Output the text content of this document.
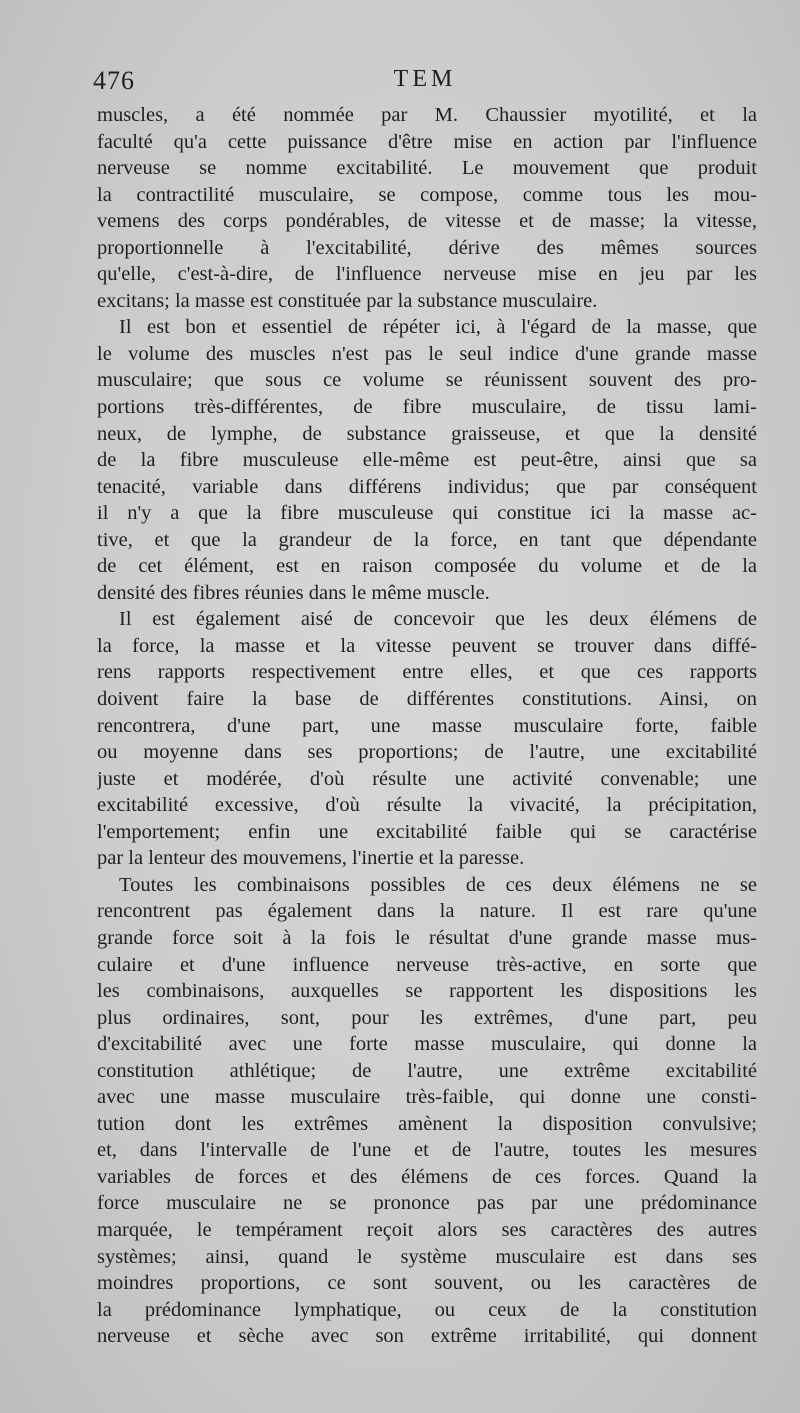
476	TEM
muscles, a été nommée par M. Chaussier myotilité, et la
faculté qu'a cette puissance d'être mise en action par l'influence
nerveuse se nomme excitabilité. Le mouvement que produit
la contractilité musculaire, se compose, comme tous les mou-
vemens des corps pondérables, de vitesse et de masse; la vitesse,
proportionnelle à l'excitabilité, dérive des mêmes sources
qu'elle, c'est-à-dire, de l'influence nerveuse mise en jeu par les
excitans; la masse est constituée par la substance musculaire.
Il est bon et essentiel de répéter ici, à l'égard de la masse, que
le volume des muscles n'est pas le seul indice d'une grande masse
musculaire; que sous ce volume se réunissent souvent des pro-
portions très-différentes, de fibre musculaire, de tissu lami-
neux, de lymphe, de substance graisseuse, et que la densité
de la fibre musculeuse elle-même est peut-être, ainsi que sa
tenacité, variable dans différens individus; que par conséquent
il n'y a que la fibre musculeuse qui constitue ici la masse ac-
tive, et que la grandeur de la force, en tant que dépendante
de cet élément, est en raison composée du volume et de la
densité des fibres réunies dans le même muscle.
Il est également aisé de concevoir que les deux élémens de
la force, la masse et la vitesse peuvent se trouver dans diffé-
rens rapports respectivement entre elles, et que ces rapports
doivent faire la base de différentes constitutions. Ainsi, on
rencontrera, d'une part, une masse musculaire forte, faible
ou moyenne dans ses proportions; de l'autre, une excitabilité
juste et modérée, d'où résulte une activité convenable; une
excitabilité excessive, d'où résulte la vivacité, la précipitation,
l'emportement; enfin une excitabilité faible qui se caractérise
par la lenteur des mouvemens, l'inertie et la paresse.
Toutes les combinaisons possibles de ces deux élémens ne se
rencontrent pas également dans la nature. Il est rare qu'une
grande force soit à la fois le résultat d'une grande masse mus-
culaire et d'une influence nerveuse très-active, en sorte que
les combinaisons, auxquelles se rapportent les dispositions les
plus ordinaires, sont, pour les extrêmes, d'une part, peu
d'excitabilité avec une forte masse musculaire, qui donne la
constitution athlétique; de l'autre, une extrême excitabilité
avec une masse musculaire très-faible, qui donne une consti-
tution dont les extrêmes amènent la disposition convulsive;
et, dans l'intervalle de l'une et de l'autre, toutes les mesures
variables de forces et des élémens de ces forces. Quand la
force musculaire ne se prononce pas par une prédominance
marquée, le tempérament reçoit alors ses caractères des autres
systèmes; ainsi, quand le système musculaire est dans ses
moindres proportions, ce sont souvent, ou les caractères de
la prédominance lymphatique, ou ceux de la constitution
nerveuse et sèche avec son extrême irritabilité, qui donnent
